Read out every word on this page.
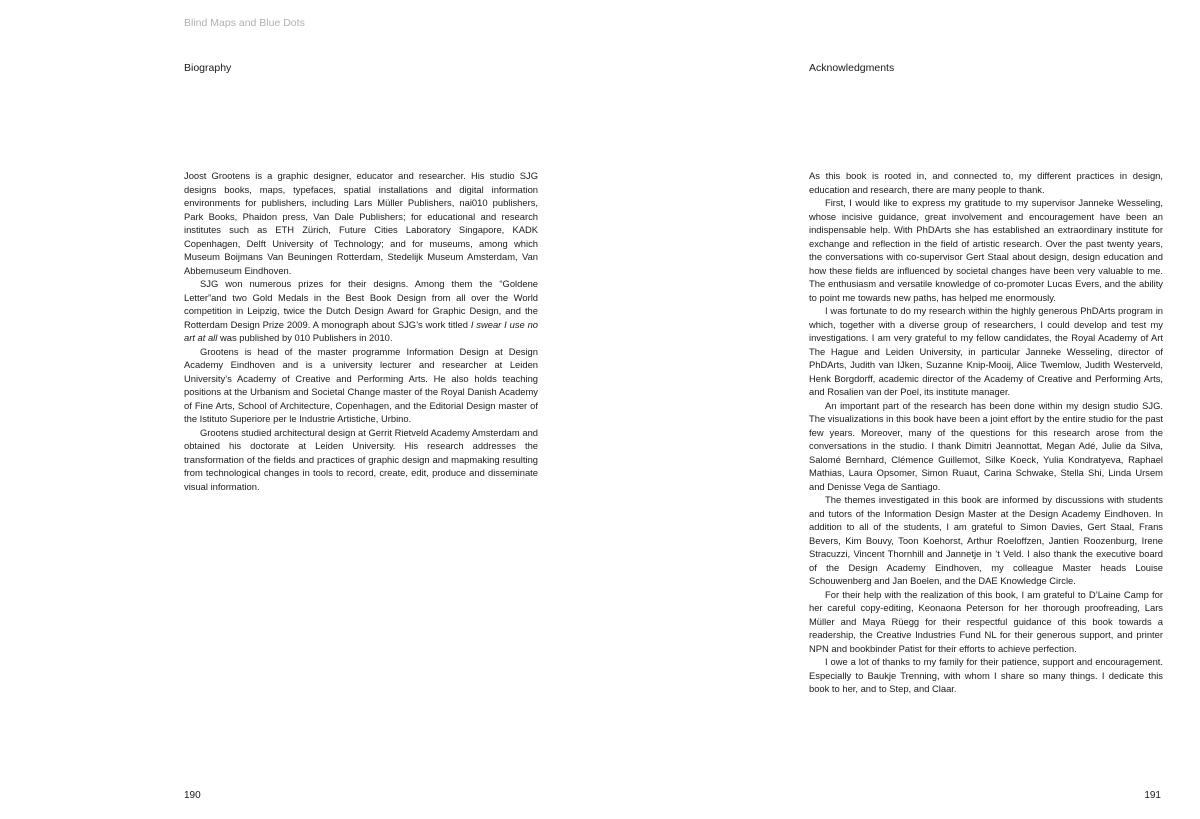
Blind Maps and Blue Dots
Biography	Acknowledgments

Joost Grootens is a graphic designer, educator and researcher. His studio SJG designs books, maps, typefaces, spatial installations and digital information environments for publishers, including Lars Müller Publishers, nai010 publishers, Park Books, Phaidon press, Van Dale Publishers; for educational and research institutes such as ETH Zürich, Future Cities Laboratory Singapore, KADK Copenhagen, Delft University of Technology; and for museums, among which Museum Boijmans Van Beuningen Rotterdam, Stedelijk Museum Amsterdam, Van Abbemuseum Eindhoven.

SJG won numerous prizes for their designs. Among them the “Goldene Letter”and two Gold Medals in the Best Book Design from all over the World competition in Leipzig, twice the Dutch Design Award for Graphic Design, and the Rotterdam Design Prize 2009. A monograph about SJG’s work titled I swear I use no art at all was published by 010 Publishers in 2010.

Grootens is head of the master programme Information Design at Design Academy Eindhoven and is a university lecturer and researcher at Leiden University’s Academy of Creative and Performing Arts. He also holds teaching positions at the Urbanism and Societal Change master of the Royal Danish Academy of Fine Arts, School of Architecture, Copenhagen, and the Editorial Design master of the Istituto Superiore per le Industrie Artistiche, Urbino.

Grootens studied architectural design at Gerrit Rietveld Academy Amsterdam and obtained his doctorate at Leiden University. His research addresses the transformation of the fields and practices of graphic design and mapmaking resulting from technological changes in tools to record, create, edit, produce and disseminate visual information.

As this book is rooted in, and connected to, my different practices in design, education and research, there are many people to thank.

First, I would like to express my gratitude to my supervisor Janneke Wesseling, whose incisive guidance, great involvement and encouragement have been an indispensable help. With PhDArts she has established an extraordinary institute for exchange and reflection in the field of artistic research. Over the past twenty years, the conversations with co-supervisor Gert Staal about design, design education and how these fields are influenced by societal changes have been very valuable to me. The enthusiasm and versatile knowledge of co-promoter Lucas Evers, and the ability to point me towards new paths, has helped me enormously.

I was fortunate to do my research within the highly generous PhDArts program in which, together with a diverse group of researchers, I could develop and test my investigations. I am very grateful to my fellow candidates, the Royal Academy of Art The Hague and Leiden University, in particular Janneke Wesseling, director of PhDArts, Judith van IJken, Suzanne Knip-Mooij, Alice Twemlow, Judith Westerveld, Henk Borgdorff, academic director of the Academy of Creative and Performing Arts, and Rosalien van der Poel, its institute manager.

An important part of the research has been done within my design studio SJG. The visualizations in this book have been a joint effort by the entire studio for the past few years. Moreover, many of the questions for this research arose from the conversations in the studio. I thank Dimitri Jeannottat, Megan Adé, Julie da Silva, Salomé Bernhard, Clémence Guillemot, Silke Koeck, Yulia Kondratyeva, Raphael Mathias, Laura Opsomer, Simon Ruaut, Carina Schwake, Stella Shi, Linda Ursem and Denisse Vega de Santiago.

The themes investigated in this book are informed by discussions with students and tutors of the Information Design Master at the Design Academy Eindhoven. In addition to all of the students, I am grateful to Simon Davies, Gert Staal, Frans Bevers, Kim Bouvy, Toon Koehorst, Arthur Roeloffzen, Jantien Roozenburg, Irene Stracuzzi, Vincent Thornhill and Jannetje in ’t Veld. I also thank the executive board of the Design Academy Eindhoven, my colleague Master heads Louise Schouwenberg and Jan Boelen, and the DAE Knowledge Circle.

For their help with the realization of this book, I am grateful to D’Laine Camp for her careful copy-editing, Keonaona Peterson for her thorough proofreading, Lars Müller and Maya Rüegg for their respectful guidance of this book towards a readership, the Creative Industries Fund NL for their generous support, and printer NPN and bookbinder Patist for their efforts to achieve perfection.

I owe a lot of thanks to my family for their patience, support and encouragement. Especially to Baukje Trenning, with whom I share so many things. I dedicate this book to her, and to Step, and Claar.

190	191
